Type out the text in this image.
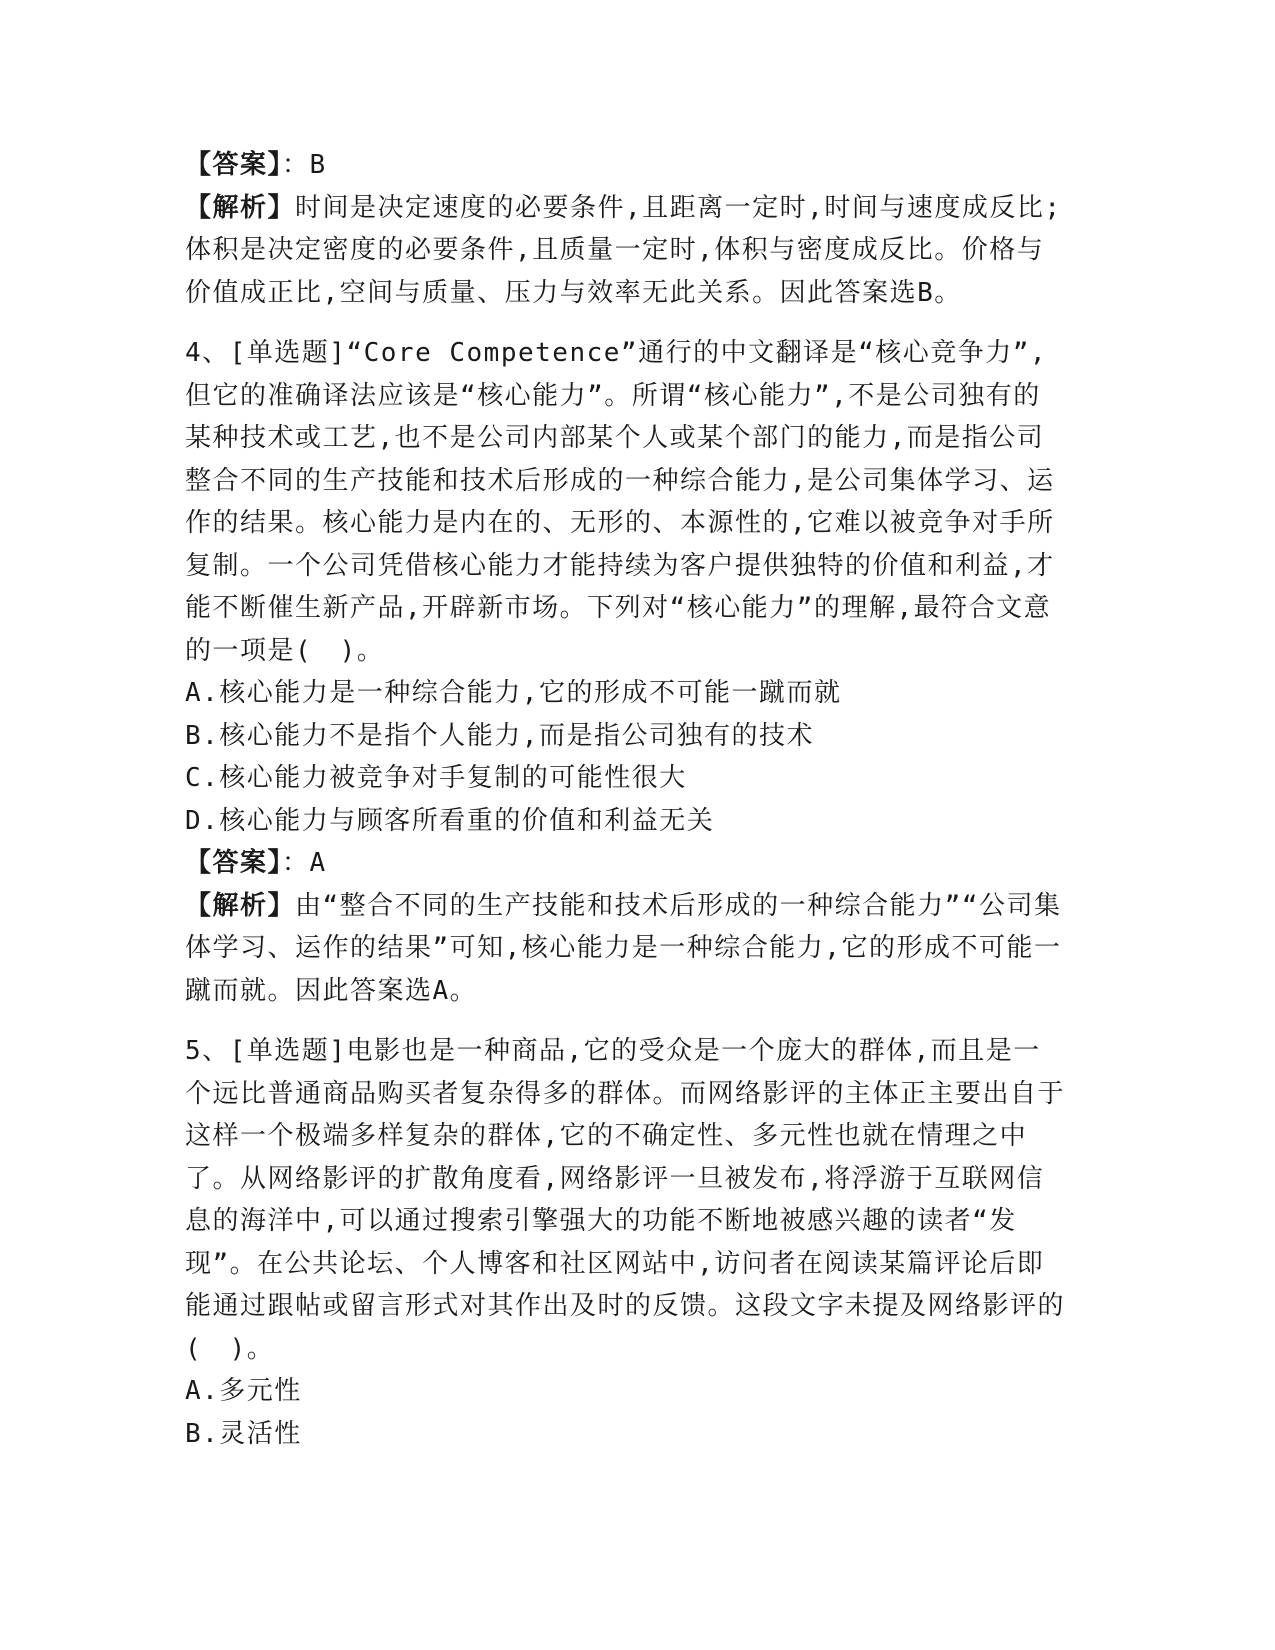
【答案】：B

【解析】时间是决定速度的必要条件,且距离一定时,时间与速度成反比;体积是决定密度的必要条件,且质量一定时,体积与密度成反比。价格与价值成正比,空间与质量、压力与效率无此关系。因此答案选B。

4、[单选题]“Core Competence”通行的中文翻译是“核心竞争力”,但它的准确译法应该是“核心能力”。所谓“核心能力”,不是公司独有的某种技术或工艺,也不是公司内部某个人或某个部门的能力,而是指公司整合不同的生产技能和技术后形成的一种综合能力,是公司集体学习、运作的结果。核心能力是内在的、无形的、本源性的,它难以被竞争对手所复制。一个公司凭借核心能力才能持续为客户提供独特的价值和利益,才能不断催生新产品,开辟新市场。下列对“核心能力”的理解,最符合文意的一项是(　)。

A.核心能力是一种综合能力,它的形成不可能一蹴而就

B.核心能力不是指个人能力,而是指公司独有的技术

C.核心能力被竞争对手复制的可能性很大

D.核心能力与顾客所看重的价值和利益无关

【答案】：A

【解析】由“整合不同的生产技能和技术后形成的一种综合能力”“公司集体学习、运作的结果”可知,核心能力是一种综合能力,它的形成不可能一蹴而就。因此答案选A。

5、[单选题]电影也是一种商品,它的受众是一个庞大的群体,而且是一个远比普通商品购买者复杂得多的群体。而网络影评的主体正主要出自于这样一个极端多样复杂的群体,它的不确定性、多元性也就在情理之中了。从网络影评的扩散角度看,网络影评一旦被发布,将浮游于互联网信息的海洋中,可以通过搜索引擎强大的功能不断地被感兴趣的读者“发现”。在公共论坛、个人博客和社区网站中,访问者在阅读某篇评论后即能通过跟帖或留言形式对其作出及时的反馈。这段文字未提及网络影评的(　)。

A.多元性

B.灵活性
